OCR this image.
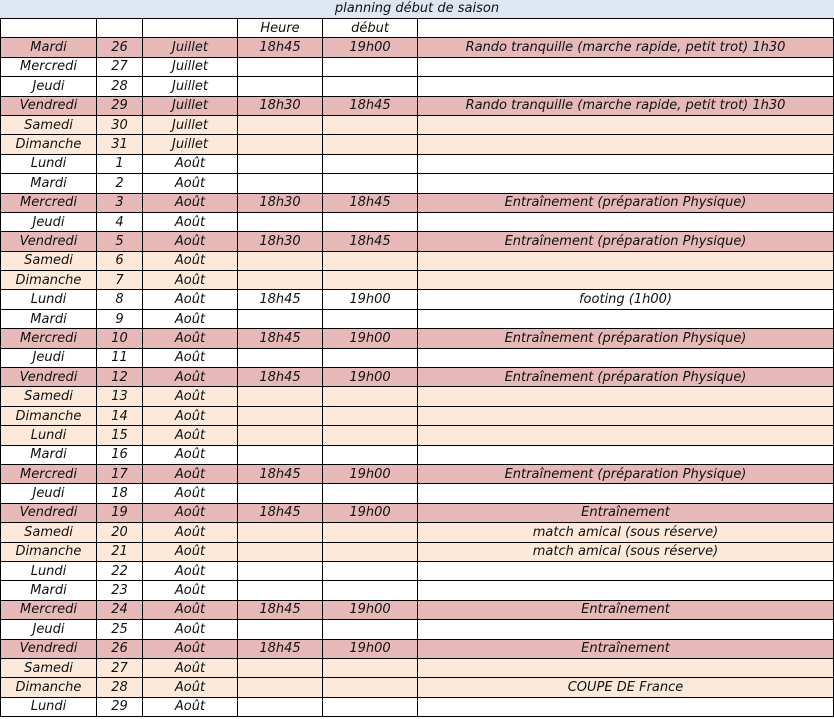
planning début de saison
			Heure	début	
Mardi	26	Juillet	18h45	19h00	Rando tranquille (marche rapide, petit trot) 1h30
Mercredi	27	Juillet			
Jeudi	28	Juillet			
Vendredi	29	Juillet	18h30	18h45	Rando tranquille (marche rapide, petit trot) 1h30
Samedi	30	Juillet			
Dimanche	31	Juillet			
Lundi	1	Août			
Mardi	2	Août			
Mercredi	3	Août	18h30	18h45	Entraînement (préparation Physique)
Jeudi	4	Août			
Vendredi	5	Août	18h30	18h45	Entraînement (préparation Physique)
Samedi	6	Août			
Dimanche	7	Août			
Lundi	8	Août	18h45	19h00	footing (1h00)
Mardi	9	Août			
Mercredi	10	Août	18h45	19h00	Entraînement (préparation Physique)
Jeudi	11	Août			
Vendredi	12	Août	18h45	19h00	Entraînement (préparation Physique)
Samedi	13	Août			
Dimanche	14	Août			
Lundi	15	Août			
Mardi	16	Août			
Mercredi	17	Août	18h45	19h00	Entraînement (préparation Physique)
Jeudi	18	Août			
Vendredi	19	Août	18h45	19h00	Entraînement
Samedi	20	Août			match amical (sous réserve)
Dimanche	21	Août			match amical (sous réserve)
Lundi	22	Août			
Mardi	23	Août			
Mercredi	24	Août	18h45	19h00	Entraînement
Jeudi	25	Août			
Vendredi	26	Août	18h45	19h00	Entraînement
Samedi	27	Août			
Dimanche	28	Août			COUPE DE France
Lundi	29	Août			
